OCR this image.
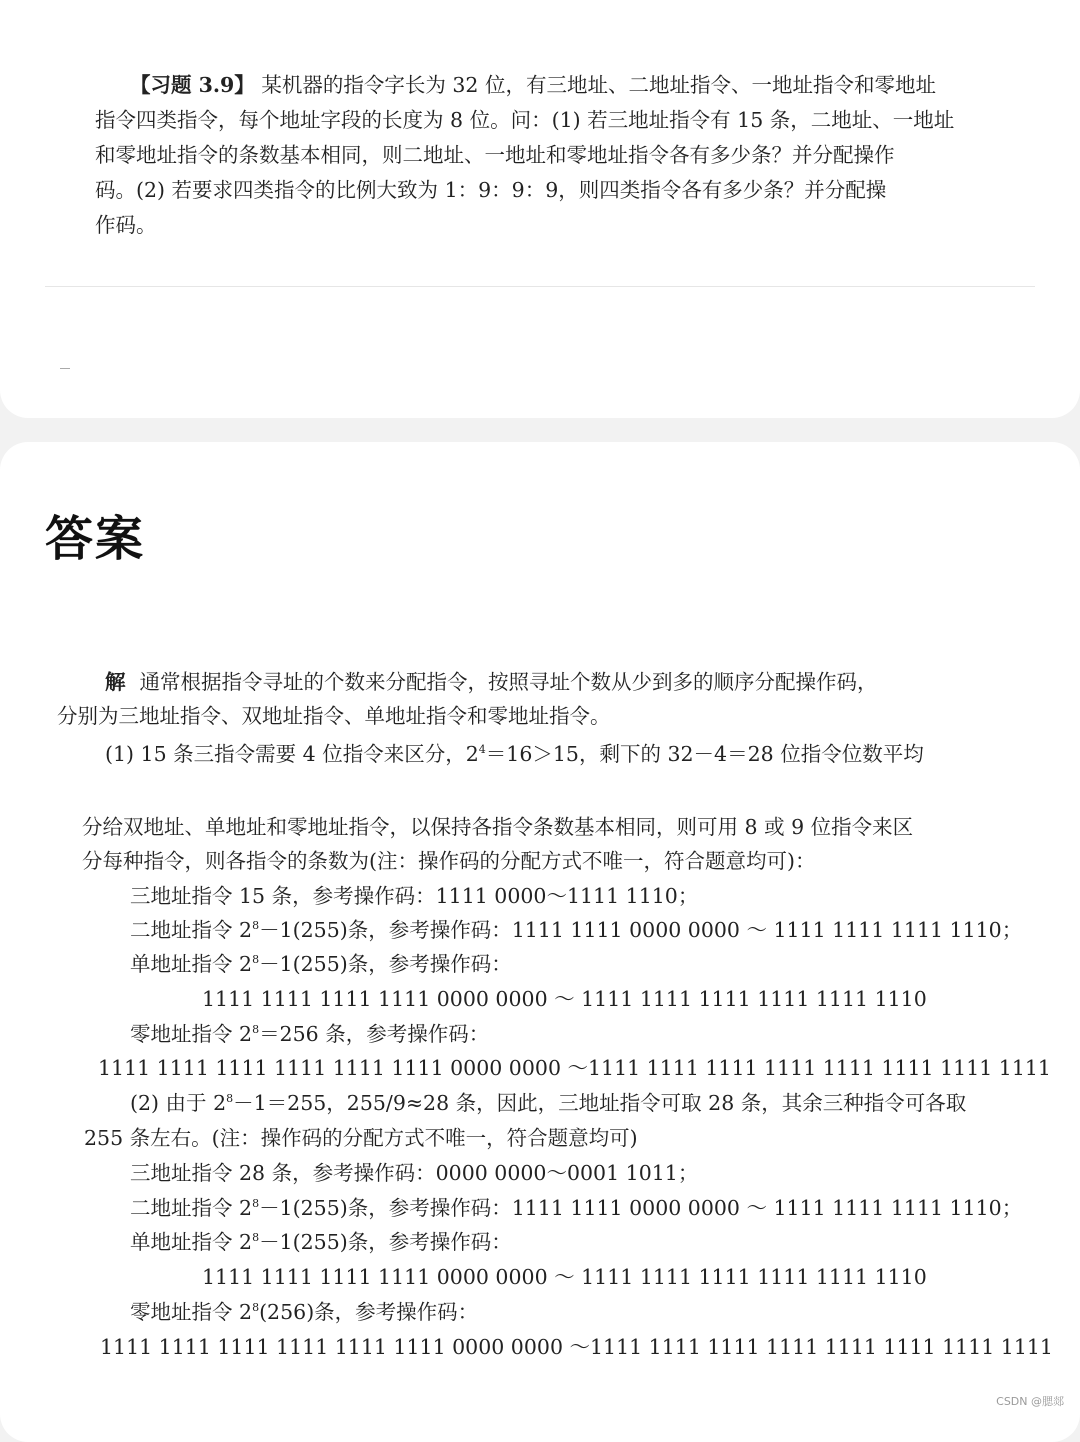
【习题 3.9】 某机器的指令字长为 32 位，有三地址、二地址指令、一地址指令和零地址
指令四类指令，每个地址字段的长度为 8 位。问：(1) 若三地址指令有 15 条，二地址、一地址
和零地址指令的条数基本相同，则二地址、一地址和零地址指令各有多少条？并分配操作
码。(2) 若要求四类指令的比例大致为 1：9：9：9，则四类指令各有多少条？并分配操
作码。
答案
解 通常根据指令寻址的个数来分配指令，按照寻址个数从少到多的顺序分配操作码，
分别为三地址指令、双地址指令、单地址指令和零地址指令。
(1) 15 条三指令需要 4 位指令来区分，$2^4=16>15$，剩下的 32－4＝28 位指令位数平均
分给双地址、单地址和零地址指令，以保持各指令条数基本相同，则可用 8 或 9 位指令来区
分每种指令，则各指令的条数为(注：操作码的分配方式不唯一，符合题意均可)：
三地址指令 15 条，参考操作码：1111 0000～1111 1110；
二地址指令 $2^8-1(255)$条，参考操作码：1111 1111 0000 0000 ～ 1111 1111 1111 1110；
单地址指令 $2^8-1(255)$条，参考操作码：
1111 1111 1111 1111 0000 0000 ～ 1111 1111 1111 1111 1111 1110
零地址指令 $2^8=256$ 条，参考操作码：
1111 1111 1111 1111 1111 1111 0000 0000 ～1111 1111 1111 1111 1111 1111 1111 1111
(2) 由于 $2^8-1=255$，255/9≈28 条，因此，三地址指令可取 28 条，其余三种指令可各取
255 条左右。(注：操作码的分配方式不唯一，符合题意均可)
三地址指令 28 条，参考操作码：0000 0000～0001 1011；
二地址指令 $2^8-1(255)$条，参考操作码：1111 1111 0000 0000 ～ 1111 1111 1111 1110；
单地址指令 $2^8-1(255)$条，参考操作码：
1111 1111 1111 1111 0000 0000 ～ 1111 1111 1111 1111 1111 1110
零地址指令 $2^8(256)$条，参考操作码：
1111 1111 1111 1111 1111 1111 0000 0000 ～1111 1111 1111 1111 1111 1111 1111 1111
CSDN @腮郯
